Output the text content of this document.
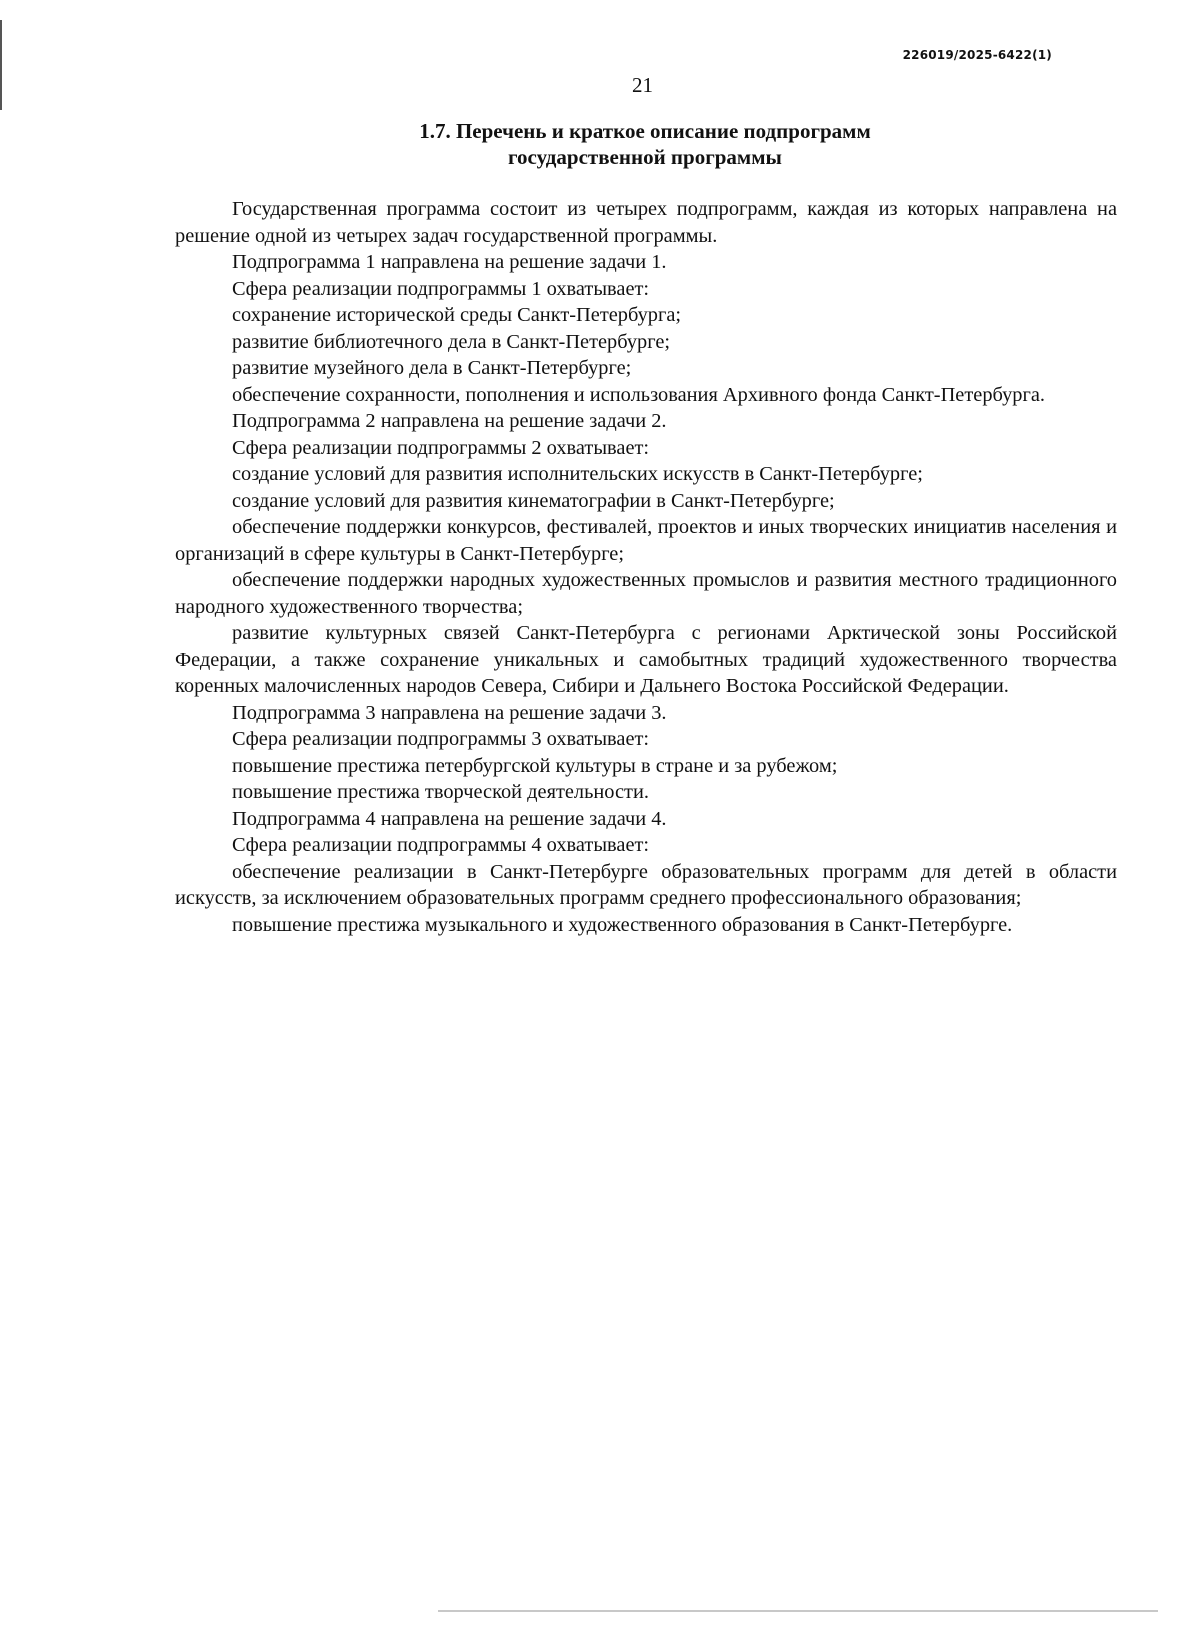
226019/2025-6422(1)
21
1.7. Перечень и краткое описание подпрограмм
государственной программы

Государственная программа состоит из четырех подпрограмм, каждая из которых направлена на решение одной из четырех задач государственной программы.

Подпрограмма 1 направлена на решение задачи 1.

Сфера реализации подпрограммы 1 охватывает:

сохранение исторической среды Санкт-Петербурга;

развитие библиотечного дела в Санкт-Петербурге;

развитие музейного дела в Санкт-Петербурге;

обеспечение сохранности, пополнения и использования Архивного фонда Санкт-Петербурга.

Подпрограмма 2 направлена на решение задачи 2.

Сфера реализации подпрограммы 2 охватывает:

создание условий для развития исполнительских искусств в Санкт-Петербурге;

создание условий для развития кинематографии в Санкт-Петербурге;

обеспечение поддержки конкурсов, фестивалей, проектов и иных творческих инициатив населения и организаций в сфере культуры в Санкт-Петербурге;

обеспечение поддержки народных художественных промыслов и развития местного традиционного народного художественного творчества;

развитие культурных связей Санкт-Петербурга с регионами Арктической зоны Российской Федерации, а также сохранение уникальных и самобытных традиций художественного творчества коренных малочисленных народов Севера, Сибири и Дальнего Востока Российской Федерации.

Подпрограмма 3 направлена на решение задачи 3.

Сфера реализации подпрограммы 3 охватывает:

повышение престижа петербургской культуры в стране и за рубежом;

повышение престижа творческой деятельности.

Подпрограмма 4 направлена на решение задачи 4.

Сфера реализации подпрограммы 4 охватывает:

обеспечение реализации в Санкт-Петербурге образовательных программ для детей в области искусств, за исключением образовательных программ среднего профессионального образования;

повышение престижа музыкального и художественного образования в Санкт-Петербурге.
